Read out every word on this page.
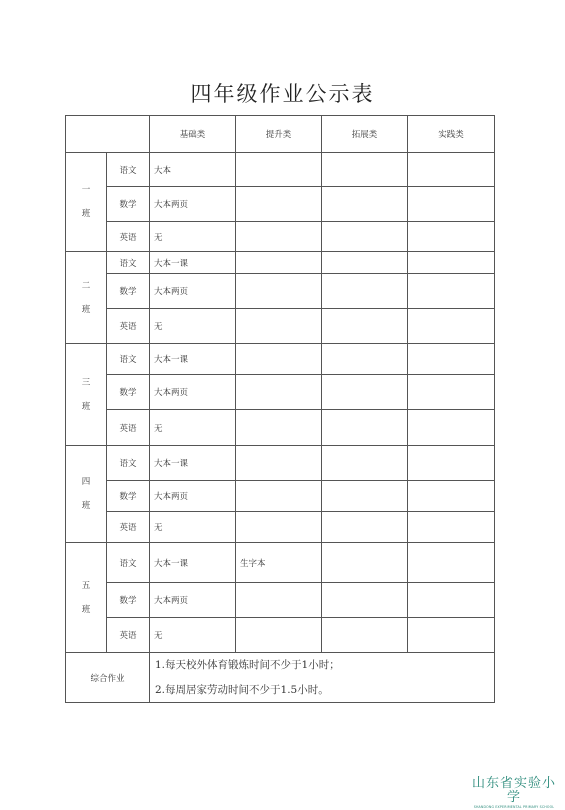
四年级作业公示表
		基础类	提升类	拓展类	实践类
一班	语文	大本			
	数学	大本两页			
	英语	无			
二班	语文	大本一课			
	数学	大本两页			
	英语	无			
三班	语文	大本一课			
	数学	大本两页			
	英语	无			
四班	语文	大本一课			
	数学	大本两页			
	英语	无			
五班	语文	大本一课	生字本		
	数学	大本两页			
	英语	无			
综合作业		1.每天校外体育锻炼时间不少于1小时；			
		2.每周居家劳动时间不少于1.5小时。			
山东省实验小学
SHANDONG EXPERIMENTAL PRIMARY SCHOOL
